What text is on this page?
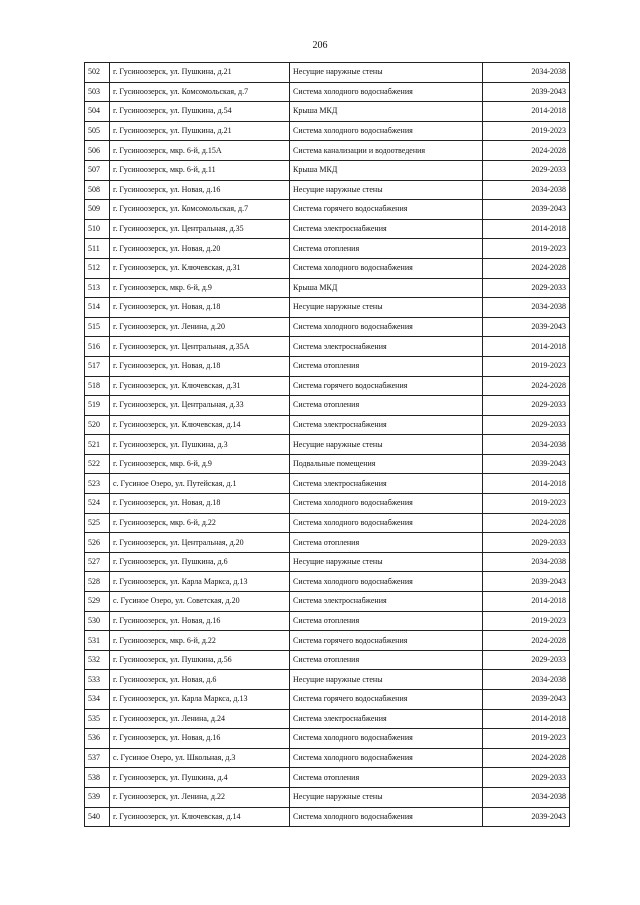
206
502	г. Гусиноозерск, ул. Пушкина, д.21	Несущие наружные стены	2034-2038
503	г. Гусиноозерск, ул. Комсомольская, д.7	Система холодного водоснабжения	2039-2043
504	г. Гусиноозерск, ул. Пушкина, д.54	Крыша МКД	2014-2018
505	г. Гусиноозерск, ул. Пушкина, д.21	Система холодного водоснабжения	2019-2023
506	г. Гусиноозерск, мкр. 6-й, д.15А	Система канализации и водоотведения	2024-2028
507	г. Гусиноозерск, мкр. 6-й, д.11	Крыша МКД	2029-2033
508	г. Гусиноозерск, ул. Новая, д.16	Несущие наружные стены	2034-2038
509	г. Гусиноозерск, ул. Комсомольская, д.7	Система горячего водоснабжения	2039-2043
510	г. Гусиноозерск, ул. Центральная, д.35	Система электроснабжения	2014-2018
511	г. Гусиноозерск, ул. Новая, д.20	Система отопления	2019-2023
512	г. Гусиноозерск, ул. Ключевская, д.31	Система холодного водоснабжения	2024-2028
513	г. Гусиноозерск, мкр. 6-й, д.9	Крыша МКД	2029-2033
514	г. Гусиноозерск, ул. Новая, д.18	Несущие наружные стены	2034-2038
515	г. Гусиноозерск, ул. Ленина, д.20	Система холодного водоснабжения	2039-2043
516	г. Гусиноозерск, ул. Центральная, д.35А	Система электроснабжения	2014-2018
517	г. Гусиноозерск, ул. Новая, д.18	Система отопления	2019-2023
518	г. Гусиноозерск, ул. Ключевская, д.31	Система горячего водоснабжения	2024-2028
519	г. Гусиноозерск, ул. Центральная, д.33	Система отопления	2029-2033
520	г. Гусиноозерск, ул. Ключевская, д.14	Система электроснабжения	2029-2033
521	г. Гусиноозерск, ул. Пушкина, д.3	Несущие наружные стены	2034-2038
522	г. Гусиноозерск, мкр. 6-й, д.9	Подвальные помещения	2039-2043
523	с. Гусиное Озеро, ул. Путейская, д.1	Система электроснабжения	2014-2018
524	г. Гусиноозерск, ул. Новая, д.18	Система холодного водоснабжения	2019-2023
525	г. Гусиноозерск, мкр. 6-й, д.22	Система холодного водоснабжения	2024-2028
526	г. Гусиноозерск, ул. Центральная, д.20	Система отопления	2029-2033
527	г. Гусиноозерск, ул. Пушкина, д.6	Несущие наружные стены	2034-2038
528	г. Гусиноозерск, ул. Карла Маркса, д.13	Система холодного водоснабжения	2039-2043
529	с. Гусиное Озеро, ул. Советская, д.20	Система электроснабжения	2014-2018
530	г. Гусиноозерск, ул. Новая, д.16	Система отопления	2019-2023
531	г. Гусиноозерск, мкр. 6-й, д.22	Система горячего водоснабжения	2024-2028
532	г. Гусиноозерск, ул. Пушкина, д.56	Система отопления	2029-2033
533	г. Гусиноозерск, ул. Новая, д.6	Несущие наружные стены	2034-2038
534	г. Гусиноозерск, ул. Карла Маркса, д.13	Система горячего водоснабжения	2039-2043
535	г. Гусиноозерск, ул. Ленина, д.24	Система электроснабжения	2014-2018
536	г. Гусиноозерск, ул. Новая, д.16	Система холодного водоснабжения	2019-2023
537	с. Гусиное Озеро, ул. Школьная, д.3	Система холодного водоснабжения	2024-2028
538	г. Гусиноозерск, ул. Пушкина, д.4	Система отопления	2029-2033
539	г. Гусиноозерск, ул. Ленина, д.22	Несущие наружные стены	2034-2038
540	г. Гусиноозерск, ул. Ключевская, д.14	Система холодного водоснабжения	2039-2043
